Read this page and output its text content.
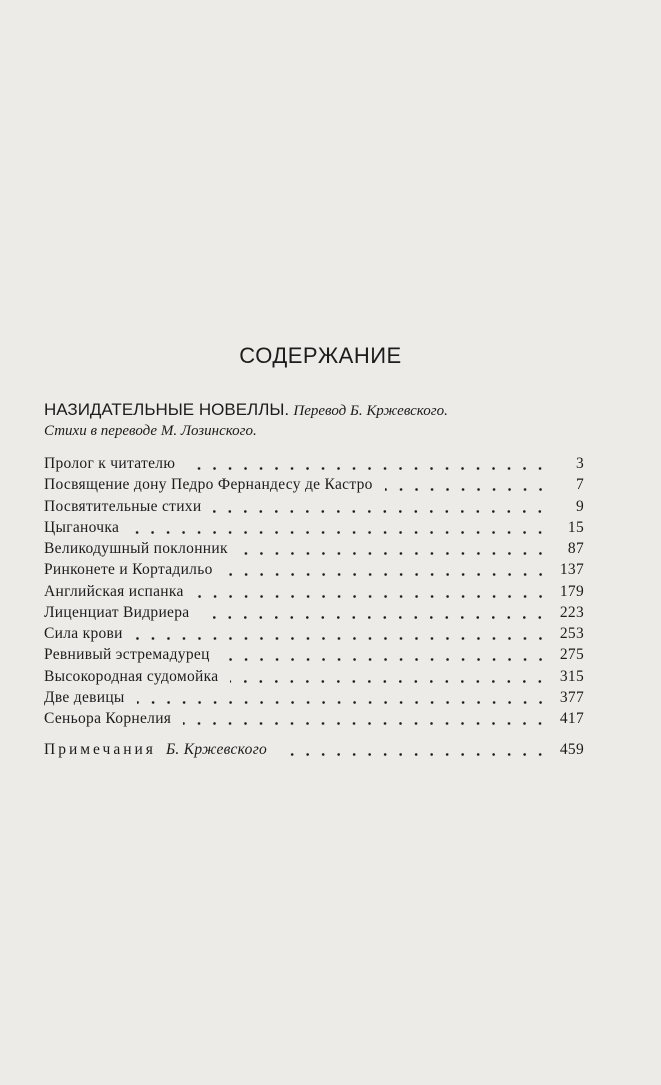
СОДЕРЖАНИЕ
НАЗИДАТЕЛЬНЫЕ НОВЕЛЛЫ. Перевод Б. Кржевского.
Стихи в переводе М. Лозинского.
Пролог к читателю	3
Посвящение дону Педро Фернандесу де Кастро	7
Посвятительные стихи	9
Цыганочка	15
Великодушный поклонник	87
Ринконете и Кортадильо	137
Английская испанка	179
Лиценциат Видриера	223
Сила крови	253
Ревнивый эстремадурец	275
Высокородная судомойка	315
Две девицы	377
Сеньора Корнелия	417
Примечания Б. Кржевского	459
